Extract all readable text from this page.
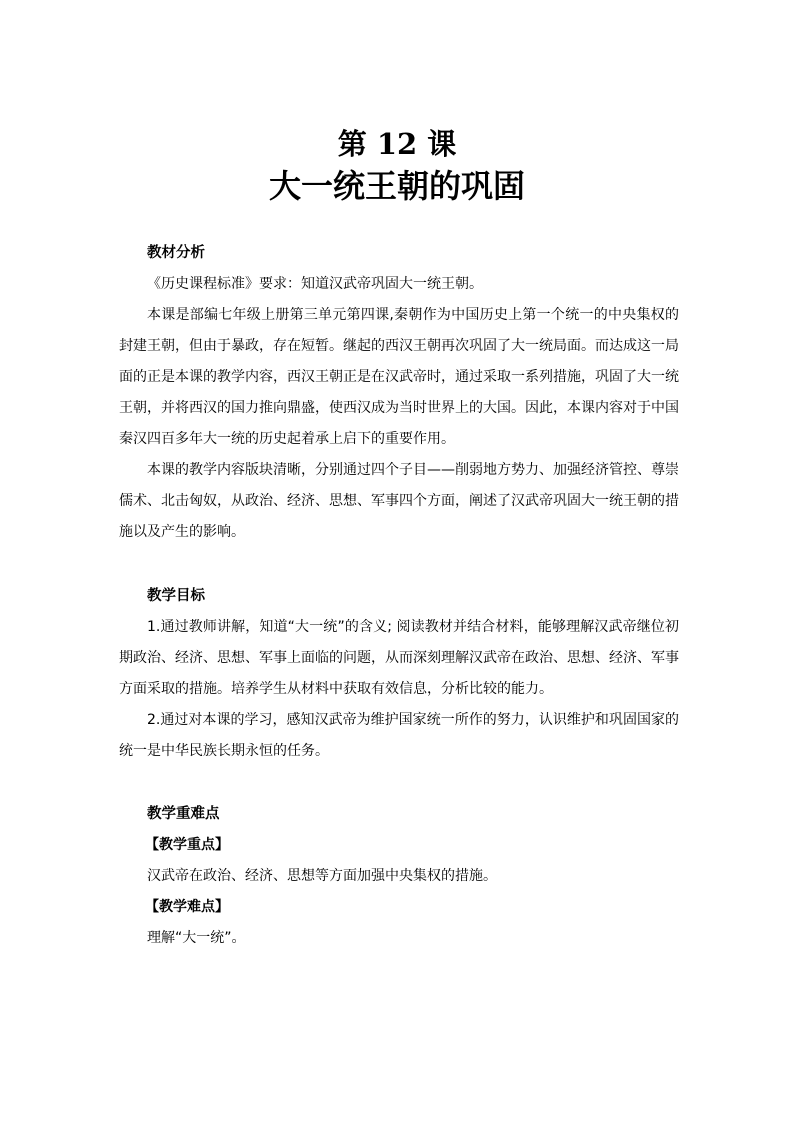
第 12 课
大一统王朝的巩固
教材分析
《历史课程标准》要求：知道汉武帝巩固大一统王朝。
本课是部编七年级上册第三单元第四课,秦朝作为中国历史上第一个统一的中央集权的封建王朝，但由于暴政，存在短暂。继起的西汉王朝再次巩固了大一统局面。而达成这一局面的正是本课的教学内容，西汉王朝正是在汉武帝时，通过采取一系列措施，巩固了大一统王朝，并将西汉的国力推向鼎盛，使西汉成为当时世界上的大国。因此，本课内容对于中国秦汉四百多年大一统的历史起着承上启下的重要作用。
本课的教学内容版块清晰，分别通过四个子目——削弱地方势力、加强经济管控、尊崇儒术、北击匈奴，从政治、经济、思想、军事四个方面，阐述了汉武帝巩固大一统王朝的措施以及产生的影响。
教学目标
1.通过教师讲解，知道“大一统”的含义; 阅读教材并结合材料，能够理解汉武帝继位初期政治、经济、思想、军事上面临的问题，从而深刻理解汉武帝在政治、思想、经济、军事方面采取的措施。培养学生从材料中获取有效信息，分析比较的能力。
2.通过对本课的学习，感知汉武帝为维护国家统一所作的努力，认识维护和巩固国家的统一是中华民族长期永恒的任务。
教学重难点
【教学重点】
汉武帝在政治、经济、思想等方面加强中央集权的措施。
【教学难点】
理解“大一统”。
